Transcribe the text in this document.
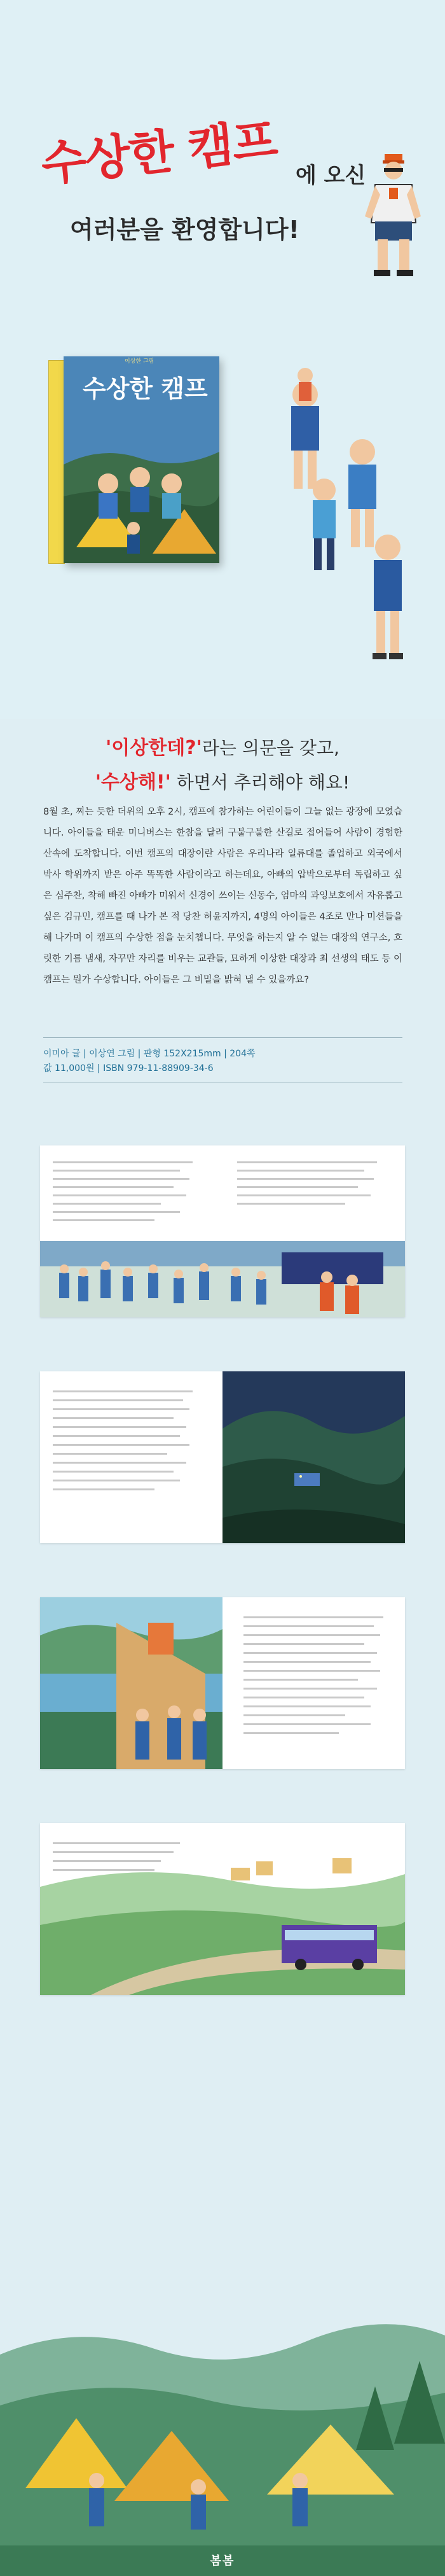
수상한 캠프 에 오신
여러분을 환영합니다!
수상한 캠프
이상한 그림
'이상한데?'라는 의문을 갖고,
'수상해!' 하면서 추리해야 해요!
8월 초, 찌는 듯한 더위의 오후 2시, 캠프에 참가하는 어린이들이 그늘 없는 광장에 모였습니다. 아이들을 태운 미니버스는 한참을 달려 구불구불한 산길로 접어들어 사람이 경험한 산속에 도착합니다. 이번 캠프의 대장이란 사람은 우리나라 일류대를 졸업하고 외국에서 박사 학위까지 받은 아주 똑똑한 사람이라고 하는데요, 아빠의 압박으로부터 독립하고 싶은 심주찬, 착해 빠진 아빠가 미워서 신경이 쓰이는 신동수, 엄마의 과잉보호에서 자유롭고 싶은 김규민, 캠프를 때 나가 본 적 당찬 허윤지까지, 4명의 아이들은 4조로 만나 미션들을 해 나가며 이 캠프의 수상한 점을 눈치챕니다. 무엇을 하는지 알 수 없는 대장의 연구소, 흐릿한 기름 냄새, 자꾸만 자리를 비우는 교관들, 묘하게 이상한 대장과 최 선생의 태도 등 이 캠프는 뭔가 수상합니다. 아이들은 그 비밀을 밝혀 낼 수 있을까요?
이미아 글 | 이상연 그림 | 판형 152X215mm | 204쪽
값 11,000원 | ISBN 979-11-88909-34-6
봄봄
